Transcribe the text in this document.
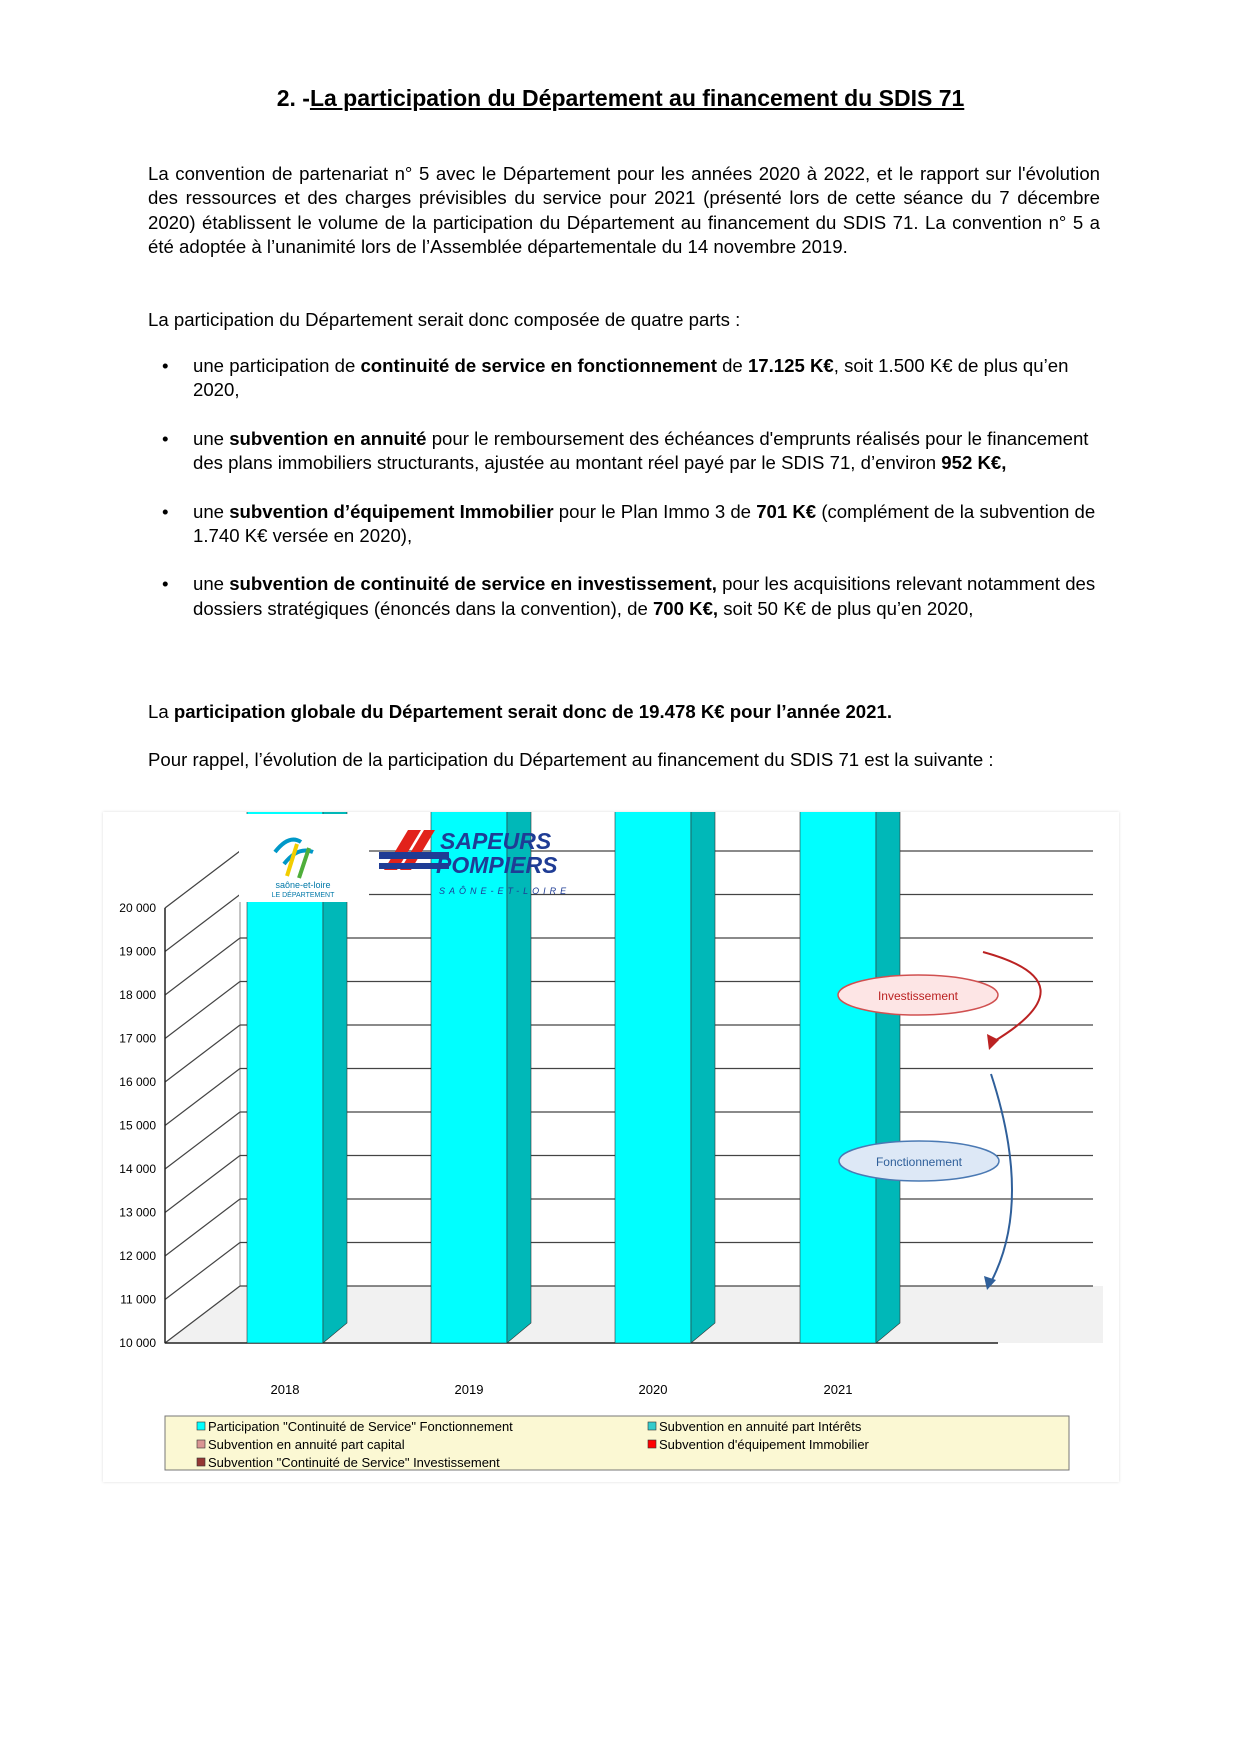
2. -La participation du Département au financement du SDIS 71
La convention de partenariat n° 5 avec le Département pour les années 2020 à 2022, et le rapport sur l'évolution des ressources et des charges prévisibles du service pour 2021 (présenté lors de cette séance du 7 décembre 2020) établissent le volume de la participation du Département au financement du SDIS 71. La convention n° 5 a été adoptée à l’unanimité lors de l’Assemblée départementale du 14 novembre 2019.
La participation du Département serait donc composée de quatre parts :
• une participation de continuité de service en fonctionnement de 17.125 K€, soit 1.500 K€ de plus qu’en 2020,
• une subvention en annuité pour le remboursement des échéances d'emprunts réalisés pour le financement des plans immobiliers structurants, ajustée au montant réel payé par le SDIS 71, d’environ 952 K€,
• une subvention d’équipement Immobilier pour le Plan Immo 3 de 701 K€ (complément de la subvention de 1.740 K€ versée en 2020),
• une subvention de continuité de service en investissement, pour les acquisitions relevant notamment des dossiers stratégiques (énoncés dans la convention), de 700 K€, soit 50 K€ de plus qu’en 2020,
La participation globale du Département serait donc de 19.478 K€ pour l’année 2021.
Pour rappel, l’évolution de la participation du Département au financement du SDIS 71 est la suivante :
10 000
11 000
12 000
13 000
14 000
15 000
16 000
17 000
18 000
19 000
20 000
2018	2019	2020	2021
Investissement
Fonctionnement
Participation "Continuité de Service" Fonctionnement	Subvention en annuité part Intérêts
Subvention en annuité part capital	Subvention d'équipement Immobilier
Subvention "Continuité de Service" Investissement
saône-et-loire
LE DÉPARTEMENT
SAPEURS
POMPIERS
SAÔNE-ET-LOIRE
